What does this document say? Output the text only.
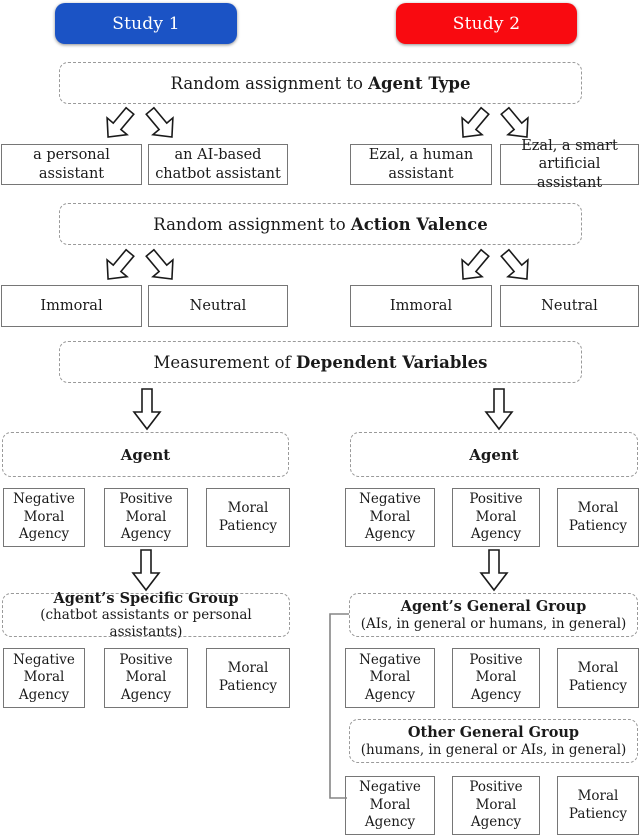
Study 1	Study 2
Random assignment to Agent Type
a personal assistant
an AI-based chatbot assistant
Ezal, a human assistant
Ezal, a smart artificial assistant
Random assignment to Action Valence
Immoral	Neutral	Immoral	Neutral
Measurement of Dependent Variables
Agent	Agent
Negative Moral Agency
Positive Moral Agency
Moral Patiency
Negative Moral Agency
Positive Moral Agency
Moral Patiency
Agent’s Specific Group
(chatbot assistants or personal assistants)
Agent’s General Group
(AIs, in general or humans, in general)
Negative Moral Agency
Positive Moral Agency
Moral Patiency
Negative Moral Agency
Positive Moral Agency
Moral Patiency
Other General Group
(humans, in general or AIs, in general)
Negative Moral Agency
Positive Moral Agency
Moral Patiency
